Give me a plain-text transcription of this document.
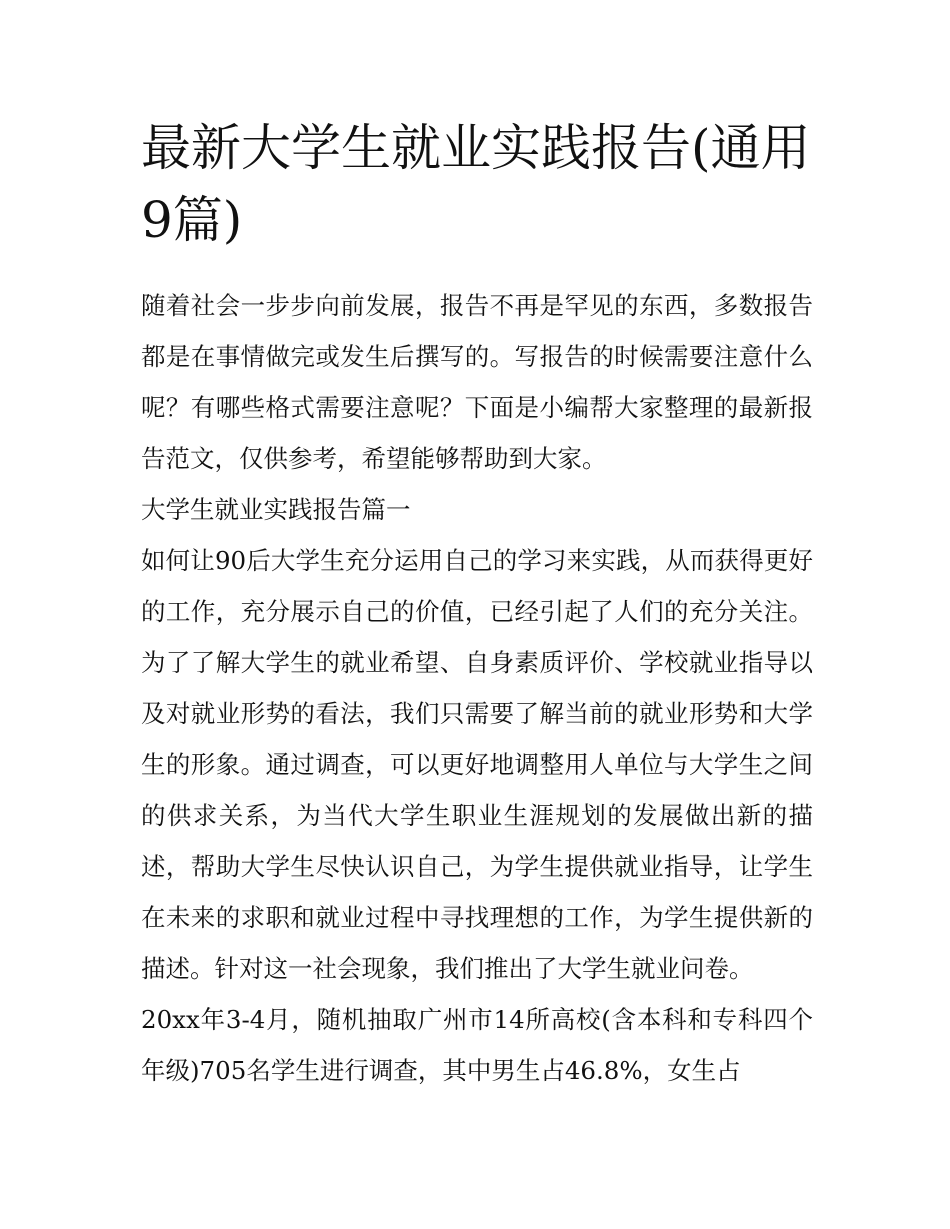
最新大学生就业实践报告(通用9篇)

随着社会一步步向前发展，报告不再是罕见的东西，多数报告都是在事情做完或发生后撰写的。写报告的时候需要注意什么呢？有哪些格式需要注意呢？下面是小编帮大家整理的最新报告范文，仅供参考，希望能够帮助到大家。

大学生就业实践报告篇一

如何让90后大学生充分运用自己的学习来实践，从而获得更好的工作，充分展示自己的价值，已经引起了人们的充分关注。为了了解大学生的就业希望、自身素质评价、学校就业指导以及对就业形势的看法，我们只需要了解当前的就业形势和大学生的形象。通过调查，可以更好地调整用人单位与大学生之间的供求关系，为当代大学生职业生涯规划的发展做出新的描述，帮助大学生尽快认识自己，为学生提供就业指导，让学生在未来的求职和就业过程中寻找理想的工作，为学生提供新的描述。针对这一社会现象，我们推出了大学生就业问卷。

20xx年3-4月，随机抽取广州市14所高校(含本科和专科四个年级)705名学生进行调查，其中男生占46.8%，女生占
